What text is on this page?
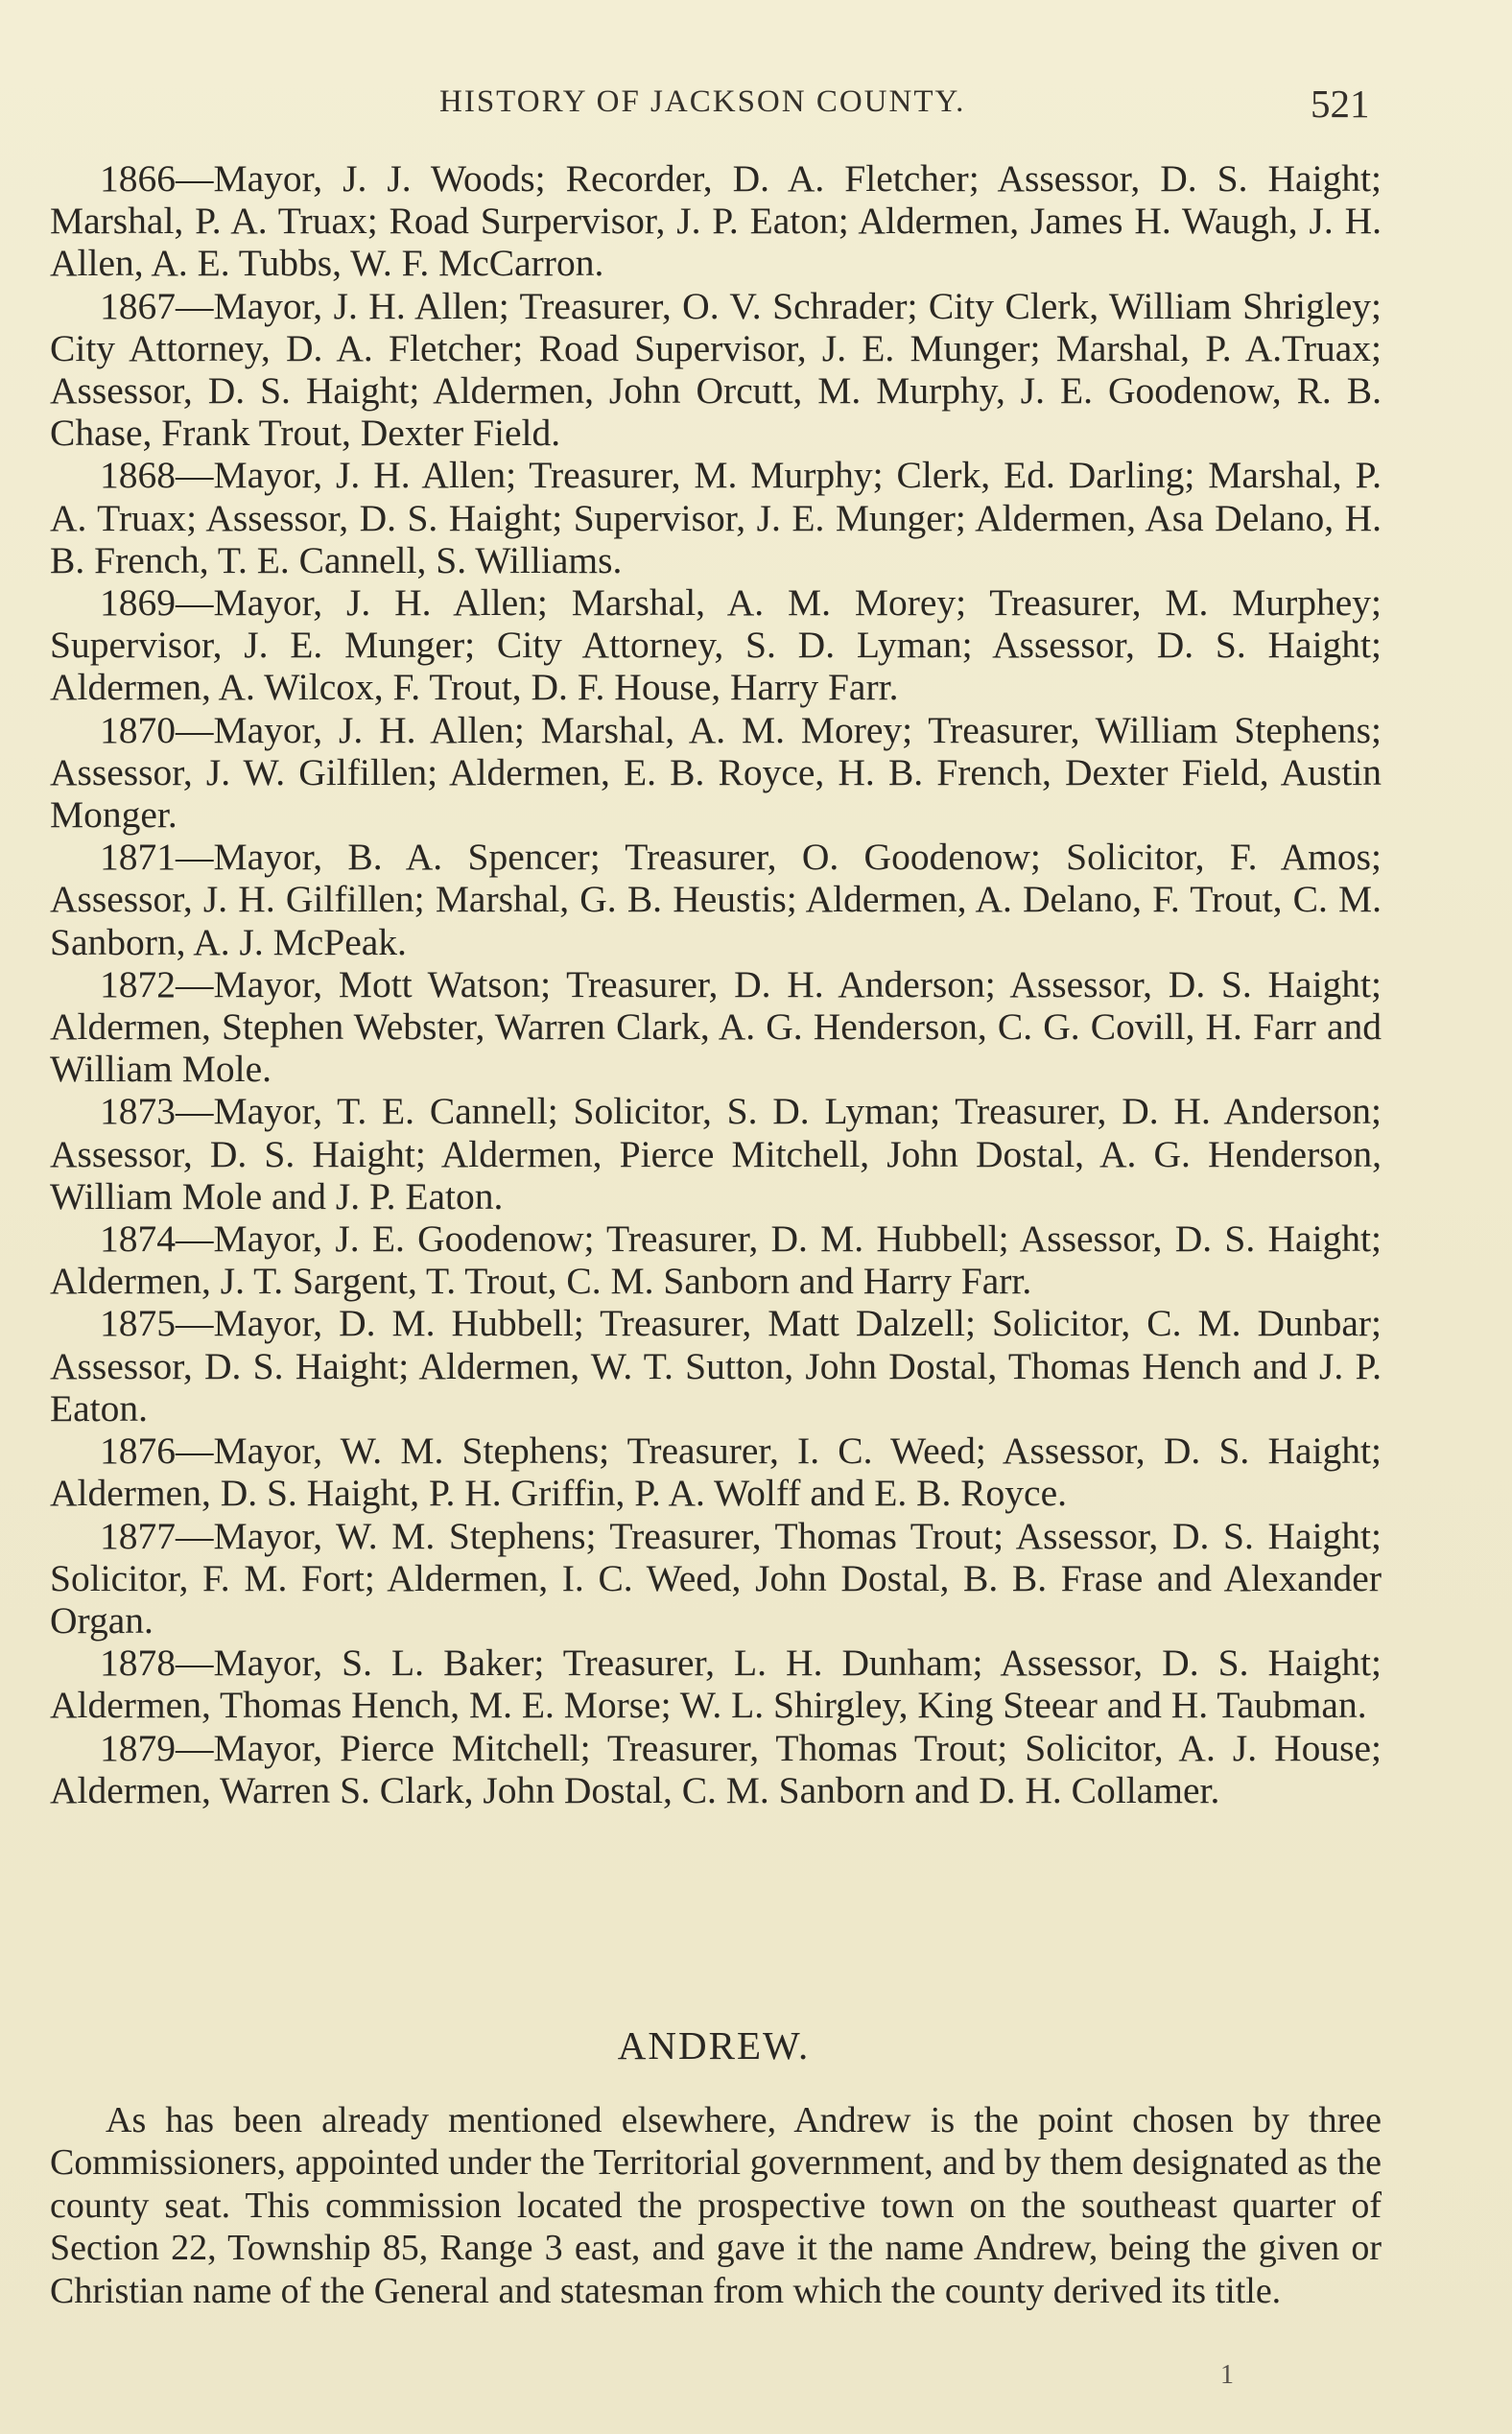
HISTORY OF JACKSON COUNTY.	521

1866—Mayor, J. J. Woods; Recorder, D. A. Fletcher; Assessor, D. S. Haight; Marshal, P. A. Truax; Road Surpervisor, J. P. Eaton; Aldermen, James H. Waugh, J. H. Allen, A. E. Tubbs, W. F. McCarron.

1867—Mayor, J. H. Allen; Treasurer, O. V. Schrader; City Clerk, William Shrigley; City Attorney, D. A. Fletcher; Road Supervisor, J. E. Munger; Marshal, P. A.Truax; Assessor, D. S. Haight; Aldermen, John Orcutt, M. Murphy, J. E. Goodenow, R. B. Chase, Frank Trout, Dexter Field.

1868—Mayor, J. H. Allen; Treasurer, M. Murphy; Clerk, Ed. Darling; Marshal, P. A. Truax; Assessor, D. S. Haight; Supervisor, J. E. Munger; Aldermen, Asa Delano, H. B. French, T. E. Cannell, S. Williams.

1869—Mayor, J. H. Allen; Marshal, A. M. Morey; Treasurer, M. Murphey; Supervisor, J. E. Munger; City Attorney, S. D. Lyman; Assessor, D. S. Haight; Aldermen, A. Wilcox, F. Trout, D. F. House, Harry Farr.

1870—Mayor, J. H. Allen; Marshal, A. M. Morey; Treasurer, William Stephens; Assessor, J. W. Gilfillen; Aldermen, E. B. Royce, H. B. French, Dexter Field, Austin Monger.

1871—Mayor, B. A. Spencer; Treasurer, O. Goodenow; Solicitor, F. Amos; Assessor, J. H. Gilfillen; Marshal, G. B. Heustis; Aldermen, A. Delano, F. Trout, C. M. Sanborn, A. J. McPeak.

1872—Mayor, Mott Watson; Treasurer, D. H. Anderson; Assessor, D. S. Haight; Aldermen, Stephen Webster, Warren Clark, A. G. Henderson, C. G. Covill, H. Farr and William Mole.

1873—Mayor, T. E. Cannell; Solicitor, S. D. Lyman; Treasurer, D. H. Anderson; Assessor, D. S. Haight; Aldermen, Pierce Mitchell, John Dostal, A. G. Henderson, William Mole and J. P. Eaton.

1874—Mayor, J. E. Goodenow; Treasurer, D. M. Hubbell; Assessor, D. S. Haight; Aldermen, J. T. Sargent, T. Trout, C. M. Sanborn and Harry Farr.

1875—Mayor, D. M. Hubbell; Treasurer, Matt Dalzell; Solicitor, C. M. Dunbar; Assessor, D. S. Haight; Aldermen, W. T. Sutton, John Dostal, Thomas Hench and J. P. Eaton.

1876—Mayor, W. M. Stephens; Treasurer, I. C. Weed; Assessor, D. S. Haight; Aldermen, D. S. Haight, P. H. Griffin, P. A. Wolff and E. B. Royce.

1877—Mayor, W. M. Stephens; Treasurer, Thomas Trout; Assessor, D. S. Haight; Solicitor, F. M. Fort; Aldermen, I. C. Weed, John Dostal, B. B. Frase and Alexander Organ.

1878—Mayor, S. L. Baker; Treasurer, L. H. Dunham; Assessor, D. S. Haight; Aldermen, Thomas Hench, M. E. Morse; W. L. Shirgley, King Steear and H. Taubman.

1879—Mayor, Pierce Mitchell; Treasurer, Thomas Trout; Solicitor, A. J. House; Aldermen, Warren S. Clark, John Dostal, C. M. Sanborn and D. H. Collamer.

ANDREW.

As has been already mentioned elsewhere, Andrew is the point chosen by three Commissioners, appointed under the Territorial government, and by them designated as the county seat. This commission located the prospective town on the southeast quarter of Section 22, Township 85, Range 3 east, and gave it the name Andrew, being the given or Christian name of the General and statesman from which the county derived its title.

1
